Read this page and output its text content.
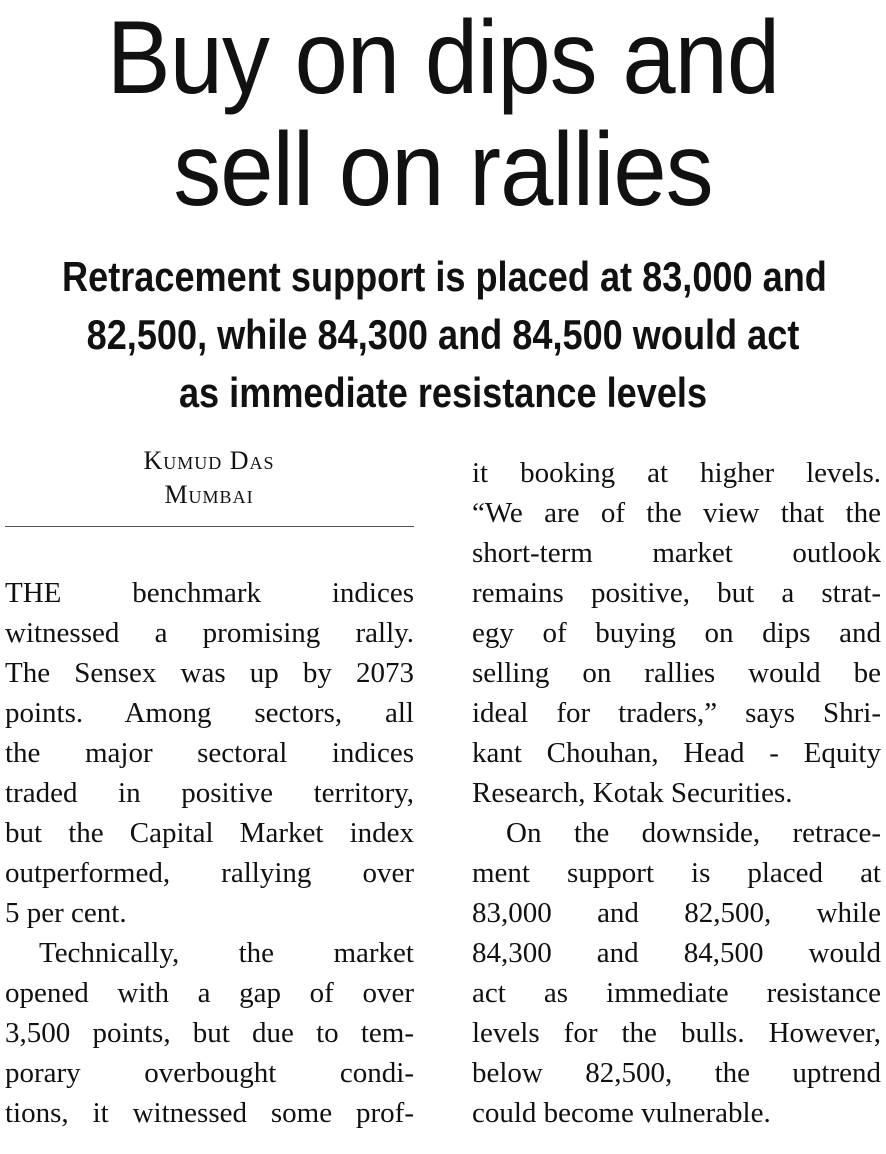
Buy on dips and
sell on rallies
Retracement support is placed at 83,000 and
82,500, while 84,300 and 84,500 would act
as immediate resistance levels
Kumud Das
Mumbai
THE benchmark indices
witnessed a promising rally.
The Sensex was up by 2073
points. Among sectors, all
the major sectoral indices
traded in positive territory,
but the Capital Market index
outperformed, rallying over
5 per cent.
Technically, the market
opened with a gap of over
3,500 points, but due to tem-
porary overbought condi-
tions, it witnessed some prof-
it booking at higher levels.
“We are of the view that the
short-term market outlook
remains positive, but a strat-
egy of buying on dips and
selling on rallies would be
ideal for traders,” says Shri-
kant Chouhan, Head - Equity
Research, Kotak Securities.
On the downside, retrace-
ment support is placed at
83,000 and 82,500, while
84,300 and 84,500 would
act as immediate resistance
levels for the bulls. However,
below 82,500, the uptrend
could become vulnerable.
